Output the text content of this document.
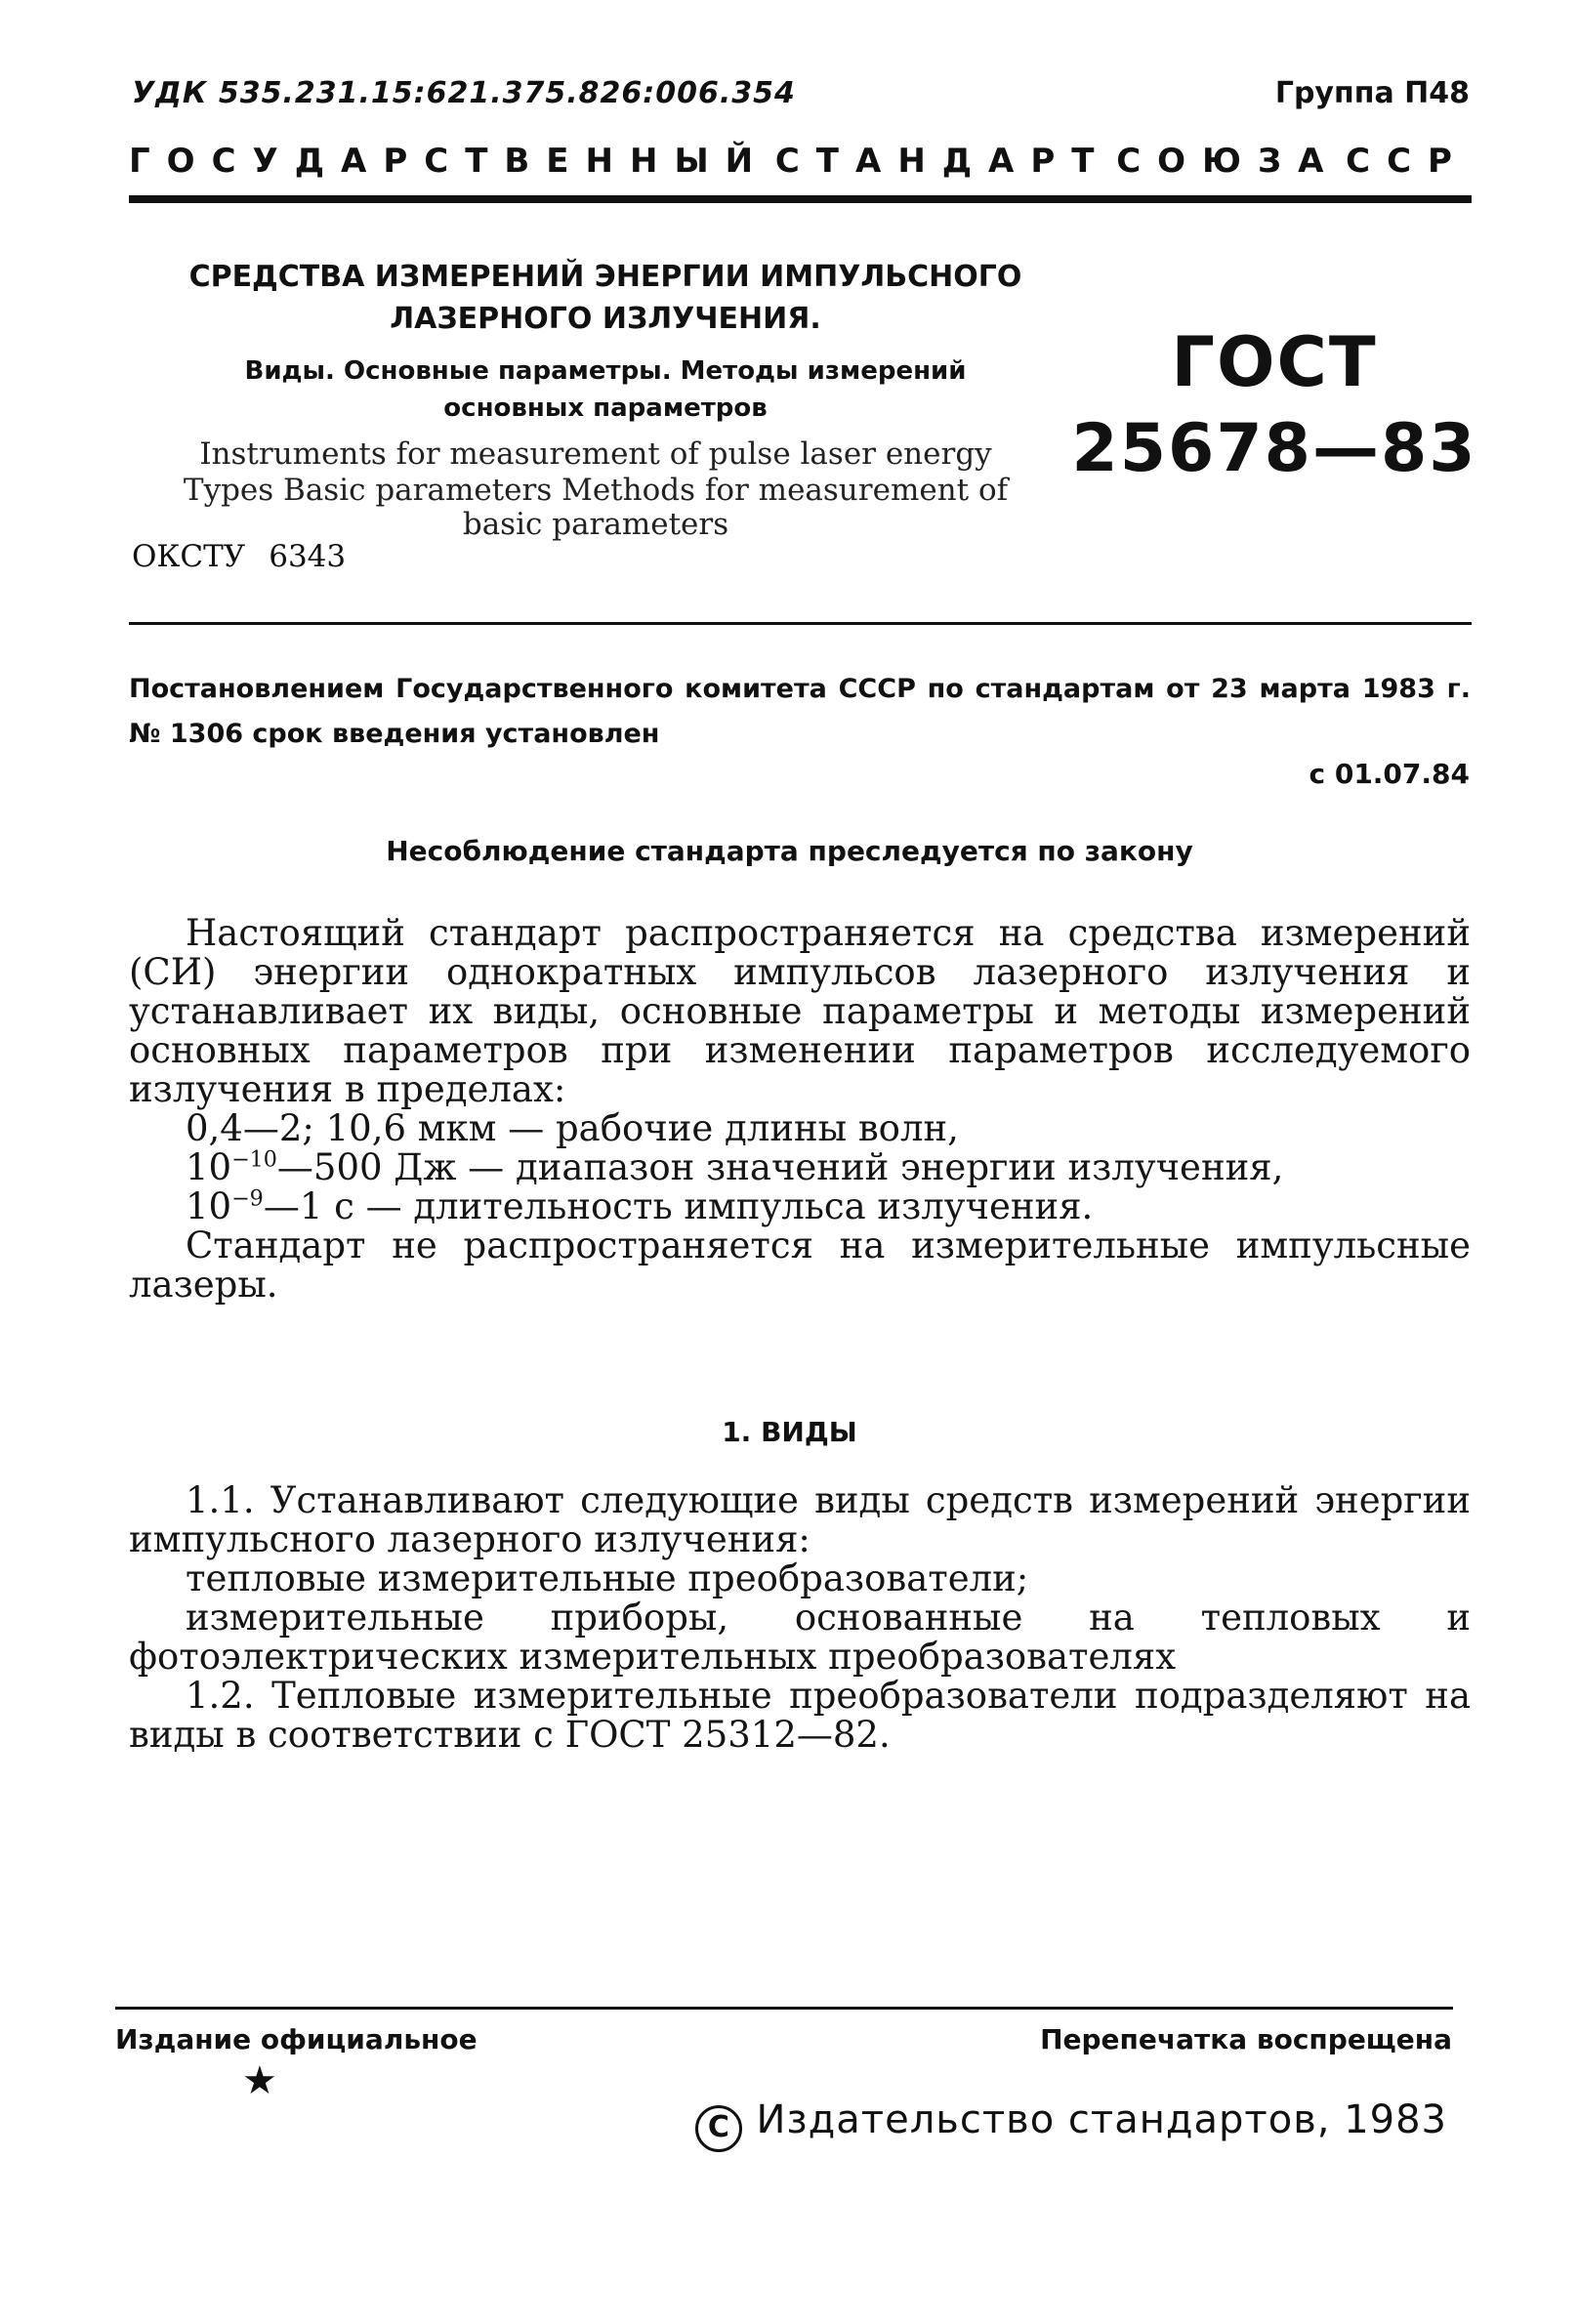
УДК 535.231.15:621.375.826:006.354	Группа П48
ГОСУДАРСТВЕННЫЙ СТАНДАРТ СОЮЗА ССР
СРЕДСТВА ИЗМЕРЕНИЙ ЭНЕРГИИ ИМПУЛЬСНОГО
ЛАЗЕРНОГО ИЗЛУЧЕНИЯ.
Виды. Основные параметры. Методы измерений
основных параметров
Instruments for measurement of pulse laser energy
Types Basic parameters Methods for measurement of
basic parameters
ОКСТУ 6343
ГОСТ
25678—83
Постановлением Государственного комитета СССР по стандартам от 23 марта 1983 г. № 1306 срок введения установлен
с 01.07.84
Несоблюдение стандарта преследуется по закону

Настоящий стандарт распространяется на средства измерений (СИ) энергии однократных импульсов лазерного излучения и устанавливает их виды, основные параметры и методы измерений основных параметров при изменении параметров исследуемого излучения в пределах:

0,4—2; 10,6 мкм — рабочие длины волн,

$10^{-10}—500$ Дж — диапазон значений энергии излучения,

$10^{-9}—1$ с — длительность импульса излучения.

Стандарт не распространяется на измерительные импульсные лазеры.

1. ВИДЫ

1.1. Устанавливают следующие виды средств измерений энергии импульсного лазерного излучения:

тепловые измерительные преобразователи;

измерительные приборы, основанные на тепловых и фотоэлектрических измерительных преобразователях

1.2. Тепловые измерительные преобразователи подразделяют на виды в соответствии с ГОСТ 25312—82.

Издание официальное	Перепечатка воспрещена
★
C Издательство стандартов, 1983
